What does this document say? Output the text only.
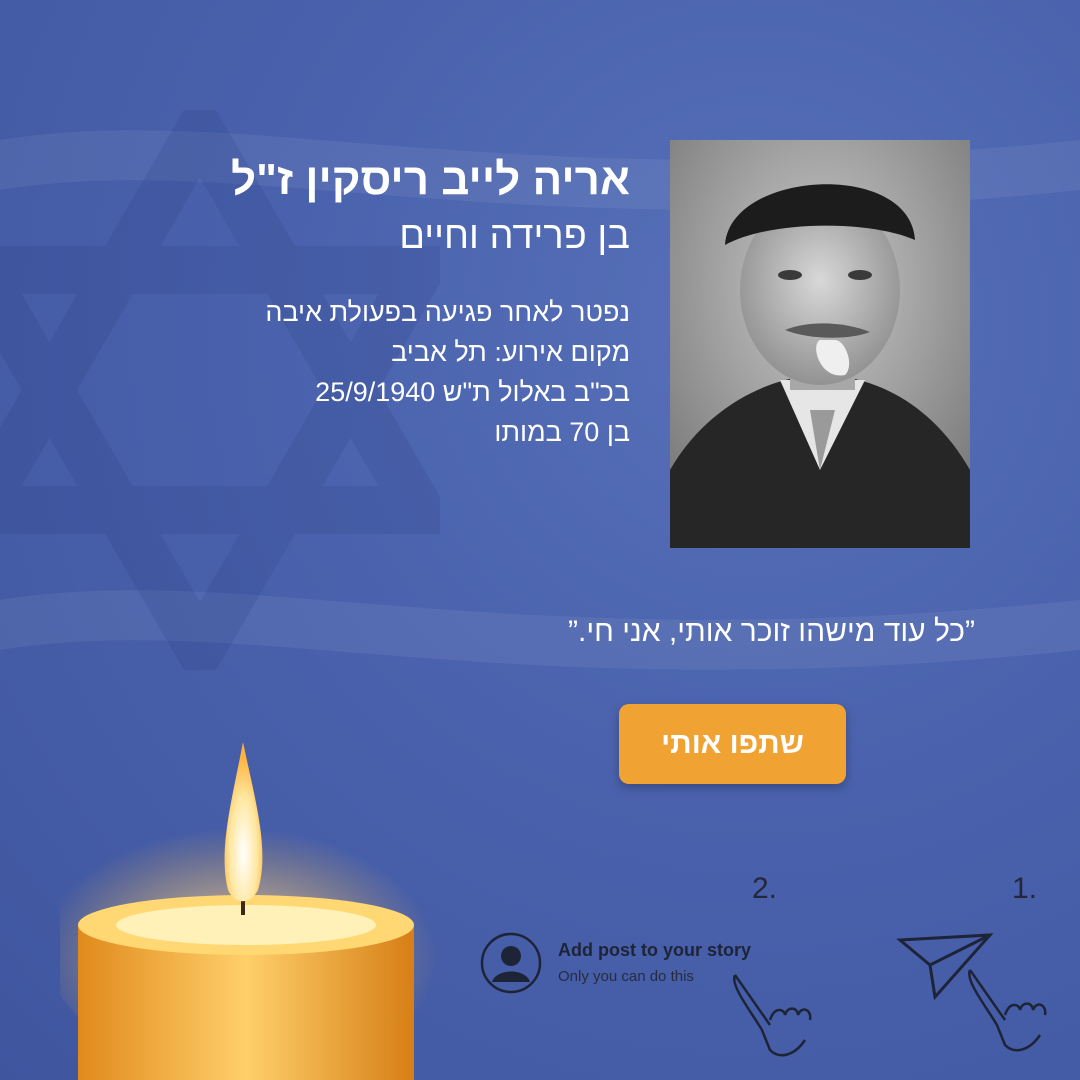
אריה לייב ריסקין ז"ל

בן פרידה וחיים

נפטר לאחר פגיעה בפעולת איבה
מקום אירוע: תל אביב
בכ"ב באלול ת"ש 25/9/1940
בן 70 במותו
”כל עוד מישהו זוכר אותי, אני חי.”
שתפו אותי
1.
2.
Add post to your story
Only you can do this
